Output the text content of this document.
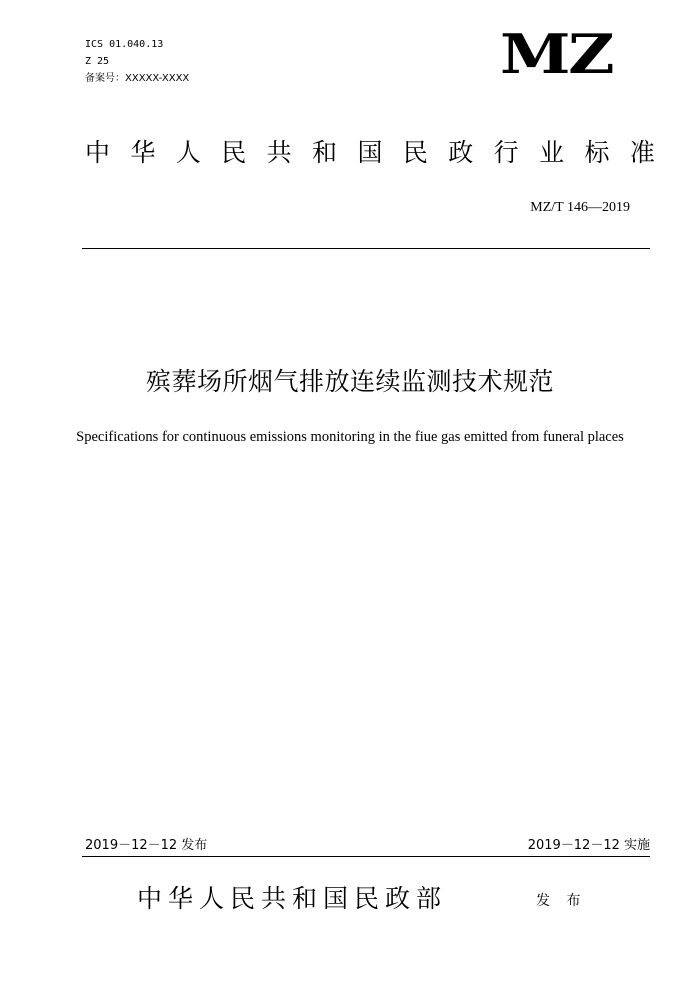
ICS 01.040.13
Z 25
备案号：XXXXX-XXXX	MZ
中 华 人 民 共 和 国 民 政 行 业 标 准
MZ/T 146—2019
殡葬场所烟气排放连续监测技术规范
Specifications for continuous emissions monitoring in the fiue gas emitted from funeral places
2019－12－12 发布	2019－12－12 实施
中华人民共和国民政部	发 布
